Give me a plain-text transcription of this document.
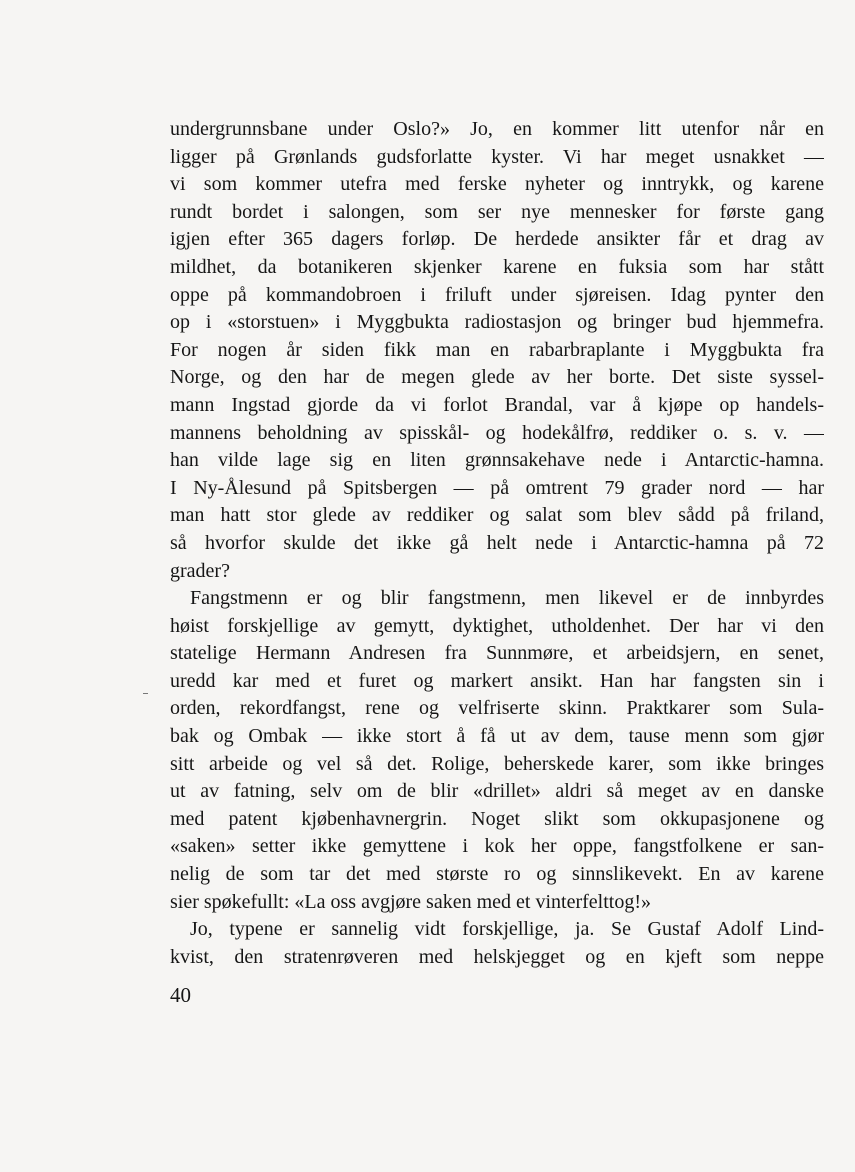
undergrunnsbane under Oslo?» Jo, en kommer litt utenfor når en
ligger på Grønlands gudsforlatte kyster. Vi har meget usnakket —
vi som kommer utefra med ferske nyheter og inntrykk, og karene
rundt bordet i salongen, som ser nye mennesker for første gang
igjen efter 365 dagers forløp. De herdede ansikter får et drag av
mildhet, da botanikeren skjenker karene en fuksia som har stått
oppe på kommandobroen i friluft under sjøreisen. Idag pynter den
op i «storstuen» i Myggbukta radiostasjon og bringer bud hjemmefra.
For nogen år siden fikk man en rabarbraplante i Myggbukta fra
Norge, og den har de megen glede av her borte. Det siste syssel-
mann Ingstad gjorde da vi forlot Brandal, var å kjøpe op handels-
mannens beholdning av spisskål- og hodekålfrø, reddiker o. s. v. —
han vilde lage sig en liten grønnsakehave nede i Antarctic-hamna.
I Ny-Ålesund på Spitsbergen — på omtrent 79 grader nord — har
man hatt stor glede av reddiker og salat som blev sådd på friland,
så hvorfor skulde det ikke gå helt nede i Antarctic-hamna på 72
grader?
Fangstmenn er og blir fangstmenn, men likevel er de innbyrdes
høist forskjellige av gemytt, dyktighet, utholdenhet. Der har vi den
statelige Hermann Andresen fra Sunnmøre, et arbeidsjern, en senet,
uredd kar med et furet og markert ansikt. Han har fangsten sin i
orden, rekordfangst, rene og velfriserte skinn. Praktkarer som Sula-
bak og Ombak — ikke stort å få ut av dem, tause menn som gjør
sitt arbeide og vel så det. Rolige, beherskede karer, som ikke bringes
ut av fatning, selv om de blir «drillet» aldri så meget av en danske
med patent kjøbenhavnergrin. Noget slikt som okkupasjonene og
«saken» setter ikke gemyttene i kok her oppe, fangstfolkene er san-
nelig de som tar det med største ro og sinnslikevekt. En av karene
sier spøkefullt: «La oss avgjøre saken med et vinterfelttog!»
Jo, typene er sannelig vidt forskjellige, ja. Se Gustaf Adolf Lind-
kvist, den stratenrøveren med helskjegget og en kjeft som neppe
40
